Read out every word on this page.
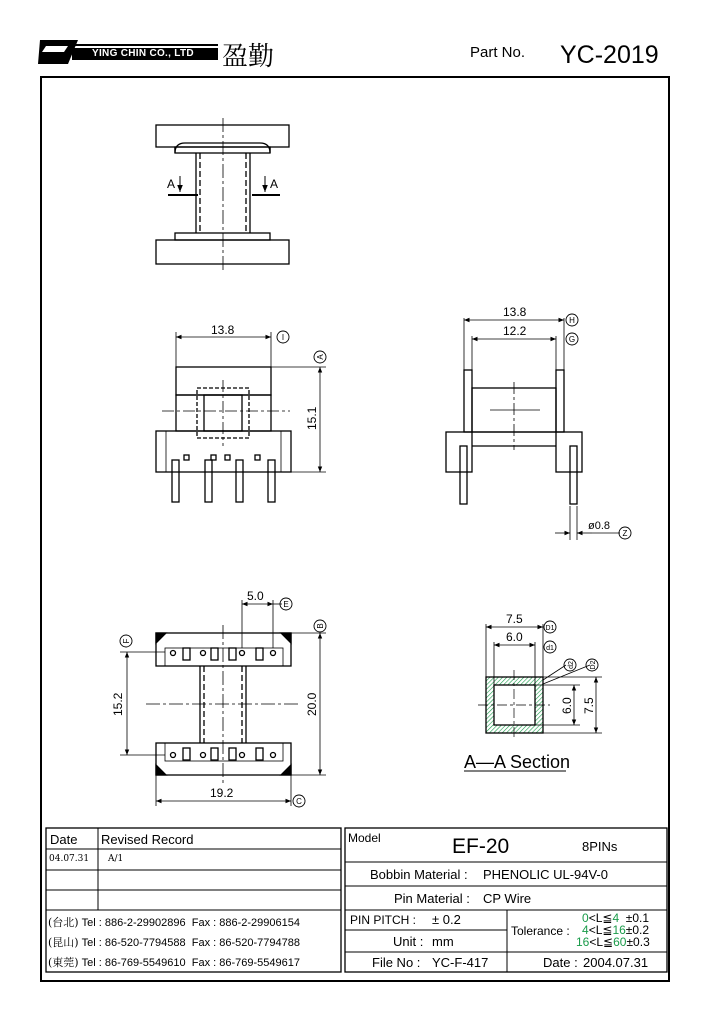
YING CHIN CO., LTD 盈勤	Part No. YC-2019
A	A
13.8
15.1
13.8
12.2
ø0.8
5.0
15.2	20.0
19.2
7.5
6.0
6.0 7.5
A—A Section
I
H
G
A
Z
E
B
F
C
D1
d1
d2 D2
Date Revised Record
04.07.31 A/1
(台北) Tel : 886-2-29902896 Fax : 886-2-29906154
(昆山) Tel : 86-520-7794588 Fax : 86-520-7794788
(東莞) Tel : 86-769-5549610 Fax : 86-769-5549617
Model	EF-20	8PINs
Bobbin Material : PHENOLIC UL-94V-0
Pin Material : CP Wire
PIN PITCH : ± 0.2
Unit : mm
Tolerance :
0<L≦4 ±0.1
4<L≦16±0.2
16<L≦60±0.3
File No : YC-F-417	Date : 2004.07.31
